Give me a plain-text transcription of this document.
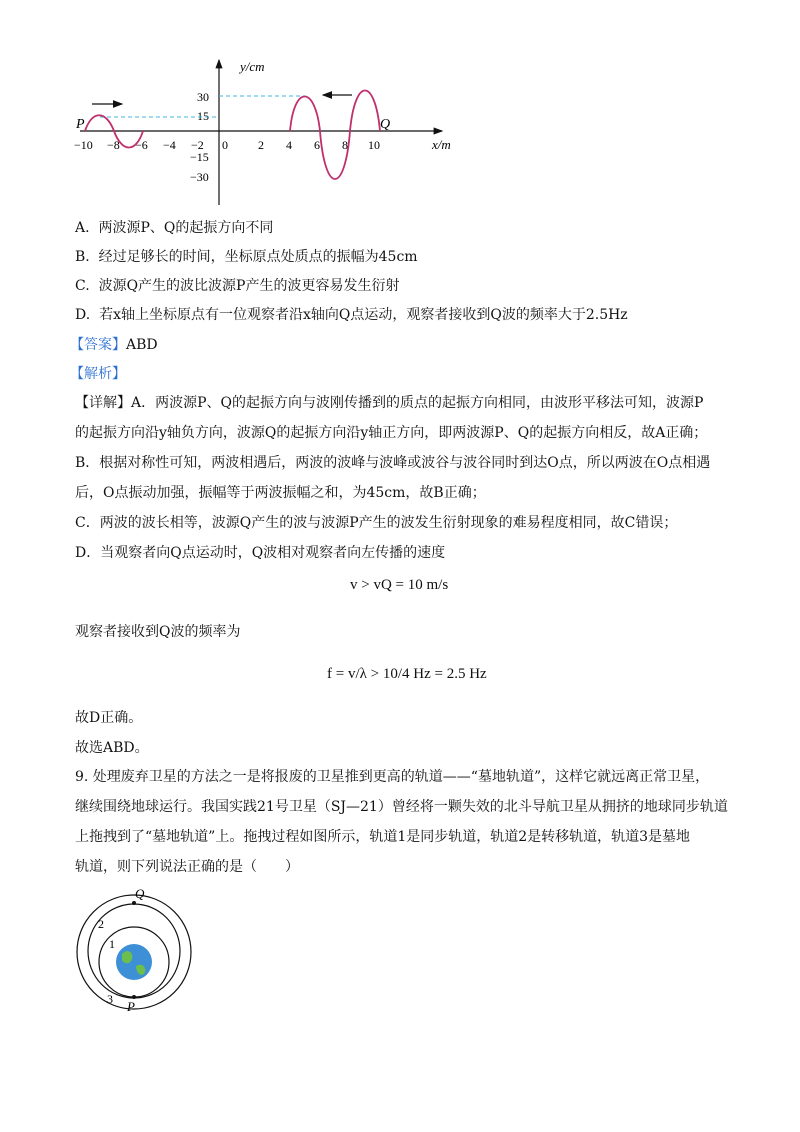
y/cm
x/m
−10 −8 −6 −4 −2 0	2 4 6 8 10
30
15
−15
−30
P	Q
A. 两波源P、Q的起振方向不同
B. 经过足够长的时间，坐标原点处质点的振幅为45cm
C. 波源Q产生的波比波源P产生的波更容易发生衍射
D. 若x轴上坐标原点有一位观察者沿x轴向Q点运动，观察者接收到Q波的频率大于2.5Hz
【答案】ABD
【解析】
【详解】A．两波源P、Q的起振方向与波刚传播到的质点的起振方向相同，由波形平移法可知，波源P
的起振方向沿y轴负方向，波源Q的起振方向沿y轴正方向，即两波源P、Q的起振方向相反，故A正确；
B．根据对称性可知，两波相遇后，两波的波峰与波峰或波谷与波谷同时到达O点，所以两波在O点相遇
后，O点振动加强，振幅等于两波振幅之和，为45cm，故B正确；
C．两波的波长相等，波源Q产生的波与波源P产生的波发生衍射现象的难易程度相同，故C错误；
D．当观察者向Q点运动时，Q波相对观察者向左传播的速度
v > vQ = 10 m/s
观察者接收到Q波的频率为
f = v/λ > 10/4 Hz = 2.5 Hz
故D正确。
故选ABD。
9. 处理废弃卫星的方法之一是将报废的卫星推到更高的轨道——“墓地轨道”，这样它就远离正常卫星，
继续围绕地球运行。我国实践21号卫星（SJ—21）曾经将一颗失效的北斗导航卫星从拥挤的地球同步轨道
上拖拽到了“墓地轨道”上。拖拽过程如图所示，轨道1是同步轨道，轨道2是转移轨道，轨道3是墓地
轨道，则下列说法正确的是（　　）
Q
P
1
2
3
